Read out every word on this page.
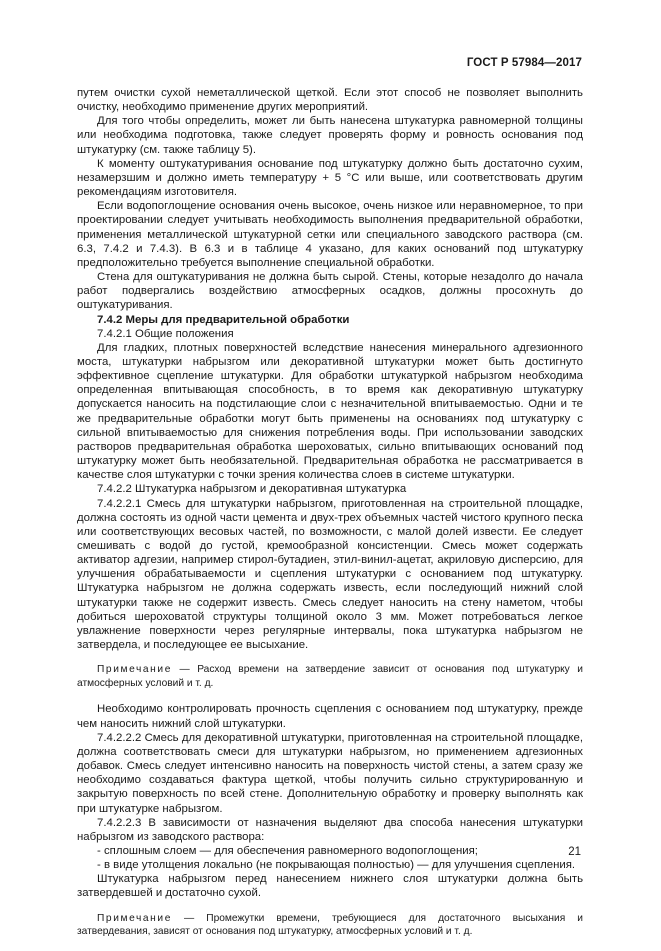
ГОСТ Р 57984—2017

путем очистки сухой неметаллической щеткой. Если этот способ не позволяет выполнить очистку, необходимо применение других мероприятий.

Для того чтобы определить, может ли быть нанесена штукатурка равномерной толщины или необходима подготовка, также следует проверять форму и ровность основания под штукатурку (см. также таблицу 5).

К моменту оштукатуривания основание под штукатурку должно быть достаточно сухим, незамерзшим и должно иметь температуру + 5 °С или выше, или соответствовать другим рекомендациям изготовителя.

Если водопоглощение основания очень высокое, очень низкое или неравномерное, то при проектировании следует учитывать необходимость выполнения предварительной обработки, применения металлической штукатурной сетки или специального заводского раствора (см. 6.3, 7.4.2 и 7.4.3). В 6.3 и в таблице 4 указано, для каких оснований под штукатурку предположительно требуется выполнение специальной обработки.

Стена для оштукатуривания не должна быть сырой. Стены, которые незадолго до начала работ подвергались воздействию атмосферных осадков, должны просохнуть до оштукатуривания.

7.4.2 Меры для предварительной обработки

7.4.2.1 Общие положения

Для гладких, плотных поверхностей вследствие нанесения минерального адгезионного моста, штукатурки набрызгом или декоративной штукатурки может быть достигнуто эффективное сцепление штукатурки. Для обработки штукатуркой набрызгом необходима определенная впитывающая способность, в то время как декоративную штукатурку допускается наносить на подстилающие слои с незначительной впитываемостью. Одни и те же предварительные обработки могут быть применены на основаниях под штукатурку с сильной впитываемостью для снижения потребления воды. При использовании заводских растворов предварительная обработка шероховатых, сильно впитывающих оснований под штукатурку может быть необязательной. Предварительная обработка не рассматривается в качестве слоя штукатурки с точки зрения количества слоев в системе штукатурки.

7.4.2.2 Штукатурка набрызгом и декоративная штукатурка

7.4.2.2.1 Смесь для штукатурки набрызгом, приготовленная на строительной площадке, должна состоять из одной части цемента и двух-трех объемных частей чистого крупного песка или соответствующих весовых частей, по возможности, с малой долей извести. Ее следует смешивать с водой до густой, кремообразной консистенции. Смесь может содержать активатор адгезии, например стирол-бутадиен, этил-винил-ацетат, акриловую дисперсию, для улучшения обрабатываемости и сцепления штукатурки с основанием под штукатурку. Штукатурка набрызгом не должна содержать известь, если последующий нижний слой штукатурки также не содержит известь. Смесь следует наносить на стену наметом, чтобы добиться шероховатой структуры толщиной около 3 мм. Может потребоваться легкое увлажнение поверхности через регулярные интервалы, пока штукатурка набрызгом не затвердела, и последующее ее высыхание.

Примечание — Расход времени на затвердение зависит от основания под штукатурку и атмосферных условий и т. д.

Необходимо контролировать прочность сцепления с основанием под штукатурку, прежде чем наносить нижний слой штукатурки.

7.4.2.2.2 Смесь для декоративной штукатурки, приготовленная на строительной площадке, должна соответствовать смеси для штукатурки набрызгом, но применением адгезионных добавок. Смесь следует интенсивно наносить на поверхность чистой стены, а затем сразу же необходимо создаваться фактура щеткой, чтобы получить сильно структурированную и закрытую поверхность по всей стене. Дополнительную обработку и проверку выполнять как при штукатурке набрызгом.

7.4.2.2.3 В зависимости от назначения выделяют два способа нанесения штукатурки набрызгом из заводского раствора:

- сплошным слоем — для обеспечения равномерного водопоглощения;

- в виде утолщения локально (не покрывающая полностью) — для улучшения сцепления.

Штукатурка набрызгом перед нанесением нижнего слоя штукатурки должна быть затвердевшей и достаточно сухой.

Примечание — Промежутки времени, требующиеся для достаточного высыхания и затвердевания, зависят от основания под штукатурку, атмосферных условий и т. д.

21
